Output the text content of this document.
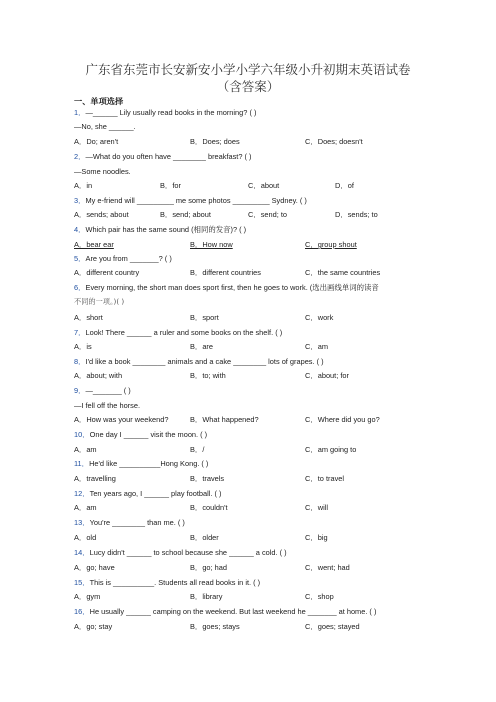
广东省东莞市长安新安小学小学六年级小升初期末英语试卷
（含答案）
一、单项选择
1．—______ Lily usually read books in the morning? ( )
—No, she ______.
A．Do; aren't	B．Does; does	C．Does; doesn't
2．—What do you often have ________ breakfast? ( )
—Some noodles.
A．in	B．for	C．about	D．of
3．My e-friend will _________ me some photos _________ Sydney. ( )
A．sends; about	B．send; about	C．send; to	D．sends; to
4．Which pair has the same sound (相同的发音)? ( )
A．bear ear	B．How now	C．group shout
5．Are you from _______? ( )
A．different country	B．different countries	C．the same countries
6．Every morning, the short man does sport first, then he goes to work. (选出画线单词的读音
不同的一项。)( )
A．short	B．sport	C．work
7．Look! There ______ a ruler and some books on the shelf. ( )
A．is	B．are	C．am
8．I'd like a book ________ animals and a cake ________ lots of grapes. ( )
A．about; with	B．to; with	C．about; for
9．—_______ ( )
—I fell off the horse.
A．How was your weekend?	B．What happened?	C．Where did you go?
10．One day I ______ visit the moon. ( )
A．am	B．/	C．am going to
11．He'd like __________Hong Kong. ( )
A．travelling	B．travels	C．to travel
12．Ten years ago, I ______ play football. ( )
A．am	B．couldn't	C．will
13．You're ________ than me. ( )
A．old	B．older	C．big
14．Lucy didn't ______ to school because she ______ a cold. ( )
A．go; have	B．go; had	C．went; had
15．This is __________. Students all read books in it. ( )
A．gym	B．library	C．shop
16．He usually ______ camping on the weekend. But last weekend he _______ at home. ( )
A．go; stay	B．goes; stays	C．goes; stayed
